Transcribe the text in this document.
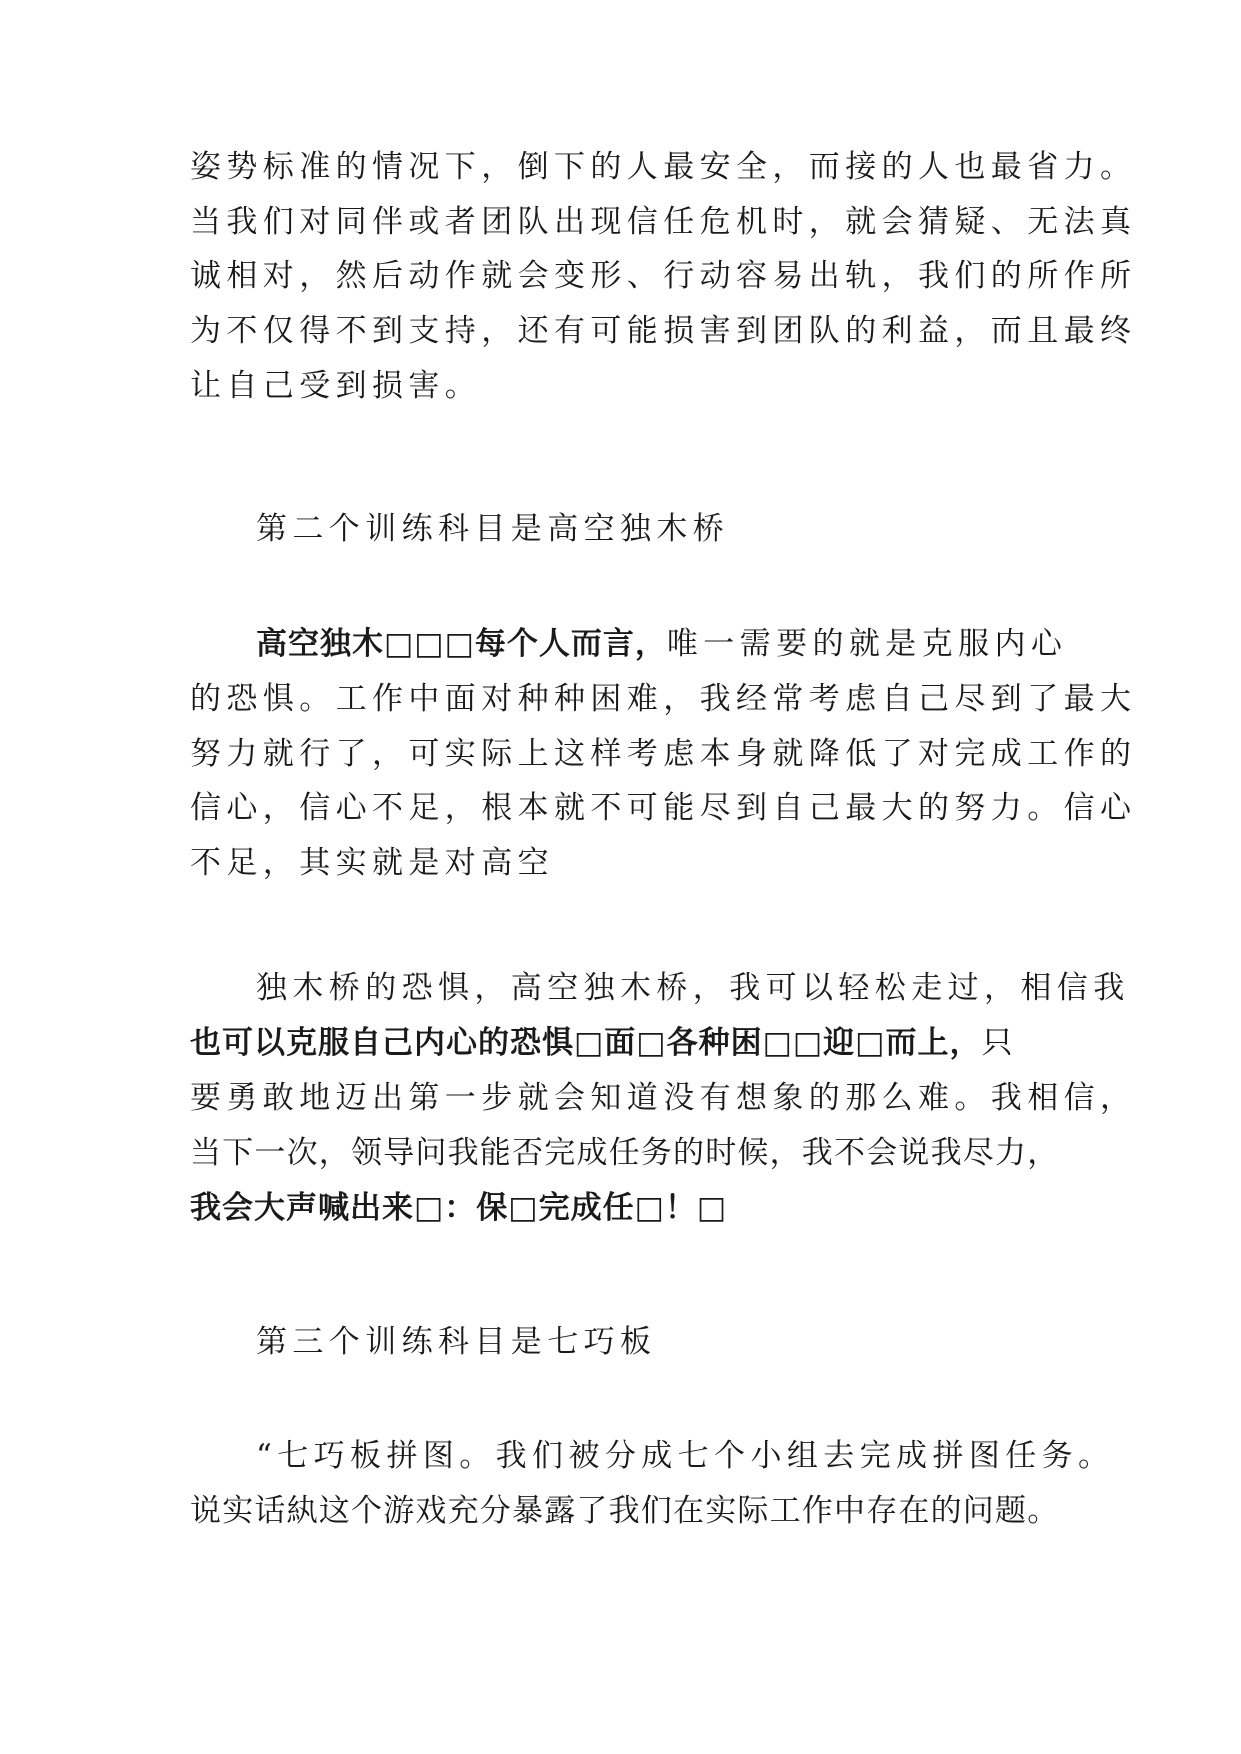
姿势标准的情况下，倒下的人最安全，而接的人也最省力。
当我们对同伴或者团队出现信任危机时，就会猜疑、无法真
诚相对，然后动作就会变形、行动容易出轨，我们的所作所
为不仅得不到支持，还有可能损害到团队的利益，而且最终
让自己受到损害。
第二个训练科目是高空独木桥
高空独木□□□每个人而言，唯一需要的就是克服内心
的恐惧。工作中面对种种困难，我经常考虑自己尽到了最大
努力就行了，可实际上这样考虑本身就降低了对完成工作的
信心，信心不足，根本就不可能尽到自己最大的努力。信心
不足，其实就是对高空
独木桥的恐惧，高空独木桥，我可以轻松走过，相信我
也可以克服自己内心的恐惧□面□各种困□□迎□而上，只
要勇敢地迈出第一步就会知道没有想象的那么难。我相信，
当下一次，领导问我能否完成任务的时候，我不会说我尽力，
我会大声喊出来□：保□完成任□！□
第三个训练科目是七巧板
“七巧板拼图。我们被分成七个小组去完成拼图任务。
说实话紈这个游戏充分暴露了我们在实际工作中存在的问题。
